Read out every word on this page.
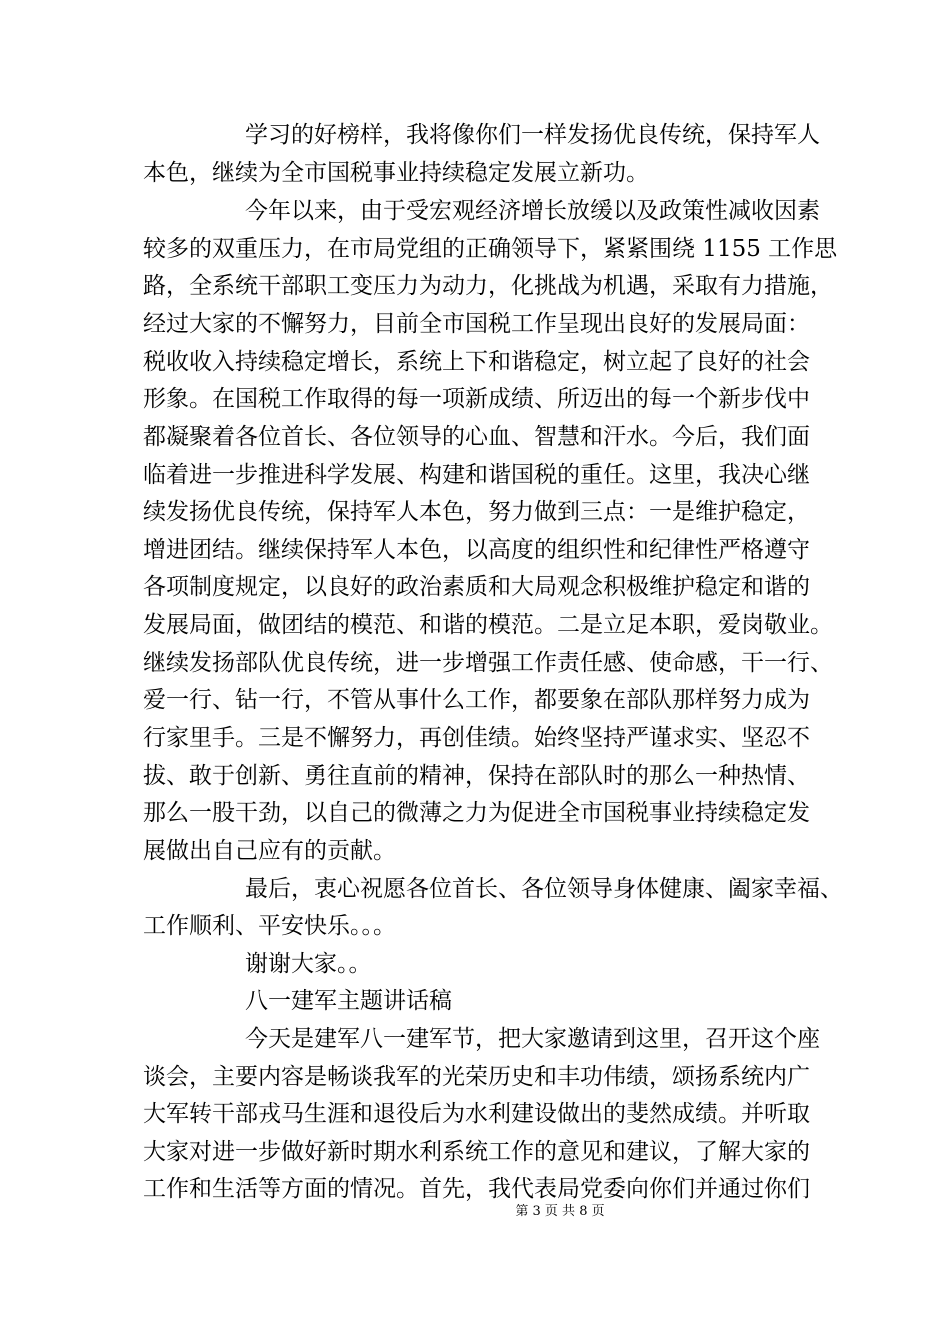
学习的好榜样，我将像你们一样发扬优良传统，保持军人
本色，继续为全市国税事业持续稳定发展立新功。
今年以来，由于受宏观经济增长放缓以及政策性减收因素
较多的双重压力，在市局党组的正确领导下，紧紧围绕 1155 工作思
路，全系统干部职工变压力为动力，化挑战为机遇，采取有力措施，
经过大家的不懈努力，目前全市国税工作呈现出良好的发展局面：
税收收入持续稳定增长，系统上下和谐稳定，树立起了良好的社会
形象。在国税工作取得的每一项新成绩、所迈出的每一个新步伐中
都凝聚着各位首长、各位领导的心血、智慧和汗水。今后，我们面
临着进一步推进科学发展、构建和谐国税的重任。这里，我决心继
续发扬优良传统，保持军人本色，努力做到三点：一是维护稳定，
增进团结。继续保持军人本色，以高度的组织性和纪律性严格遵守
各项制度规定，以良好的政治素质和大局观念积极维护稳定和谐的
发展局面，做团结的模范、和谐的模范。二是立足本职，爱岗敬业。
继续发扬部队优良传统，进一步增强工作责任感、使命感，干一行、
爱一行、钻一行，不管从事什么工作，都要象在部队那样努力成为
行家里手。三是不懈努力，再创佳绩。始终坚持严谨求实、坚忍不
拔、敢于创新、勇往直前的精神，保持在部队时的那么一种热情、
那么一股干劲，以自己的微薄之力为促进全市国税事业持续稳定发
展做出自己应有的贡献。
最后，衷心祝愿各位首长、各位领导身体健康、阖家幸福、
工作顺利、平安快乐。。。
谢谢大家。。
八一建军主题讲话稿
今天是建军八一建军节，把大家邀请到这里，召开这个座
谈会，主要内容是畅谈我军的光荣历史和丰功伟绩，颂扬系统内广
大军转干部戎马生涯和退役后为水利建设做出的斐然成绩。并听取
大家对进一步做好新时期水利系统工作的意见和建议，了解大家的
工作和生活等方面的情况。首先，我代表局党委向你们并通过你们
第 3 页 共 8 页
